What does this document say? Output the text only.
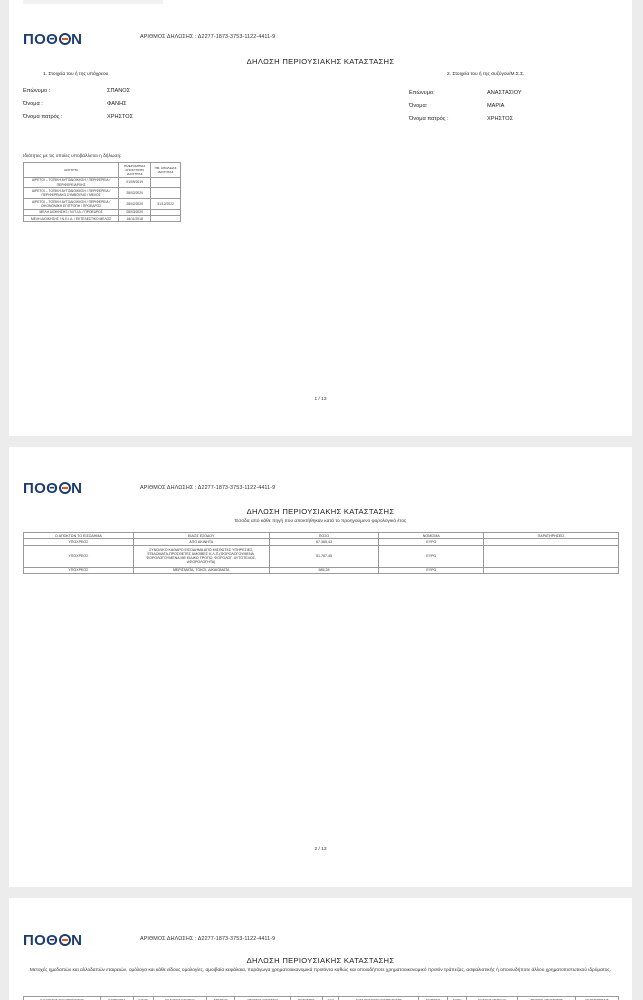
ΠΟΘ Ν	ΑΡΙΘΜΟΣ ΔΗΛΩΣΗΣ : Δ2277-1873-3753-1122-4411-9
ΔΗΛΩΣΗ ΠΕΡΙΟΥΣΙΑΚΗΣ ΚΑΤΑΣΤΑΣΗΣ
1. Στοιχεία του ή της υπόχρεου	2. Στοιχεία του ή της συζύγου/Μ.Σ.Σ.
Επώνυμο :	ΣΠΑΝΟΣ
Όνομα :	ΦΑΝΗΣ
Όνομα πατρός :	ΧΡΗΣΤΟΣ
Επώνυμο:	ΑΝΑΣΤΑΣΙΟΥ
Όνομα:	ΜΑΡΙΑ
Όνομα πατρός :	ΧΡΗΣΤΟΣ
Ιδιότητες με τις οποίες υποβάλλεται η δήλωση:
ΙΔΙΟΤΗΤΑ	ΗΜΕΡΟΜΗΝΙΑ ΑΠΟΚΤΗΣΗΣ ΙΔΙΟΤΗΤΑΣ	ΗΜ. ΑΠΩΛΕΙΑΣ ΙΔΙΟΤΗΤΑΣ
ΑΙΡΕΤΟΙ – ΤΟΠΙΚΗ ΑΥΤΟΔΙΟΙΚΗΣΗ / ΠΕΡΙΦΕΡΕΙΑ / ΠΕΡΙΦΕΡΕΙΑΡΧΗΣ	01/09/2019	
ΑΙΡΕΤΟΙ – ΤΟΠΙΚΗ ΑΥΤΟΔΙΟΙΚΗΣΗ / ΠΕΡΙΦΕΡΕΙΑ / ΠΕΡΙΦΕΡΕΙΑΚΟ ΣΥΜΒΟΥΛΙΟ / ΜΕΛΟΣ	28/02/2020	
ΑΙΡΕΤΟΙ – ΤΟΠΙΚΗ ΑΥΤΟΔΙΟΙΚΗΣΗ / ΠΕΡΙΦΕΡΕΙΑ / ΟΙΚΟΝΟΜΙΚΗ ΕΠΙΤΡΟΠΗ / ΠΡΟΕΔΡΟΣ	28/02/2020	31/12/2022
ΜΕΛΗ ΔΙΟΙΚΗΣΗΣ / Ν.Π.Ι.Δ. / ΠΡΟΕΔΡΟΣ	08/03/2020	
ΜΕΛΗ ΔΙΟΙΚΗΣΗΣ / Ν.Π.Ι.Δ. / ΕΚΤΕΛΕΣΤΙΚΟ ΜΕΛΟΣ	16/11/2018	
1 / 13
ΠΟΘ Ν	ΑΡΙΘΜΟΣ ΔΗΛΩΣΗΣ : Δ2277-1873-3753-1122-4411-9
ΔΗΛΩΣΗ ΠΕΡΙΟΥΣΙΑΚΗΣ ΚΑΤΑΣΤΑΣΗΣ
Έσοδα από κάθε πηγή που αποκτήθηκαν κατά το προηγούμενο φορολογικό έτος
Ο ΑΠΟΚΤΩΝ ΤΟ ΕΙΣΟΔΗΜΑ	ΕΙΔΟΣ ΕΣΟΔΟΥ	ΠΟΣΟ	ΝΟΜΙΣΜΑ	ΠΑΡΑΤΗΡΗΣΕΙΣ
ΥΠΟΧΡΕΟΣ	ΑΠΟ ΑΚΙΝΗΤΑ	67.365,43	ΕΥΡΩ	
ΥΠΟΧΡΕΟΣ	ΣΥΝΟΛΙΚΟ ΚΑΘΑΡΟ ΕΙΣΟΔΗΜΑ ΑΠΟ ΜΙΣΘΩΤΕΣ ΥΠΗΡΕΣΙΕΣ, ΕΠΙΔΟΜΑΤΑ,ΠΡΟΣΘΕΤΕΣ ΑΜΟΙΒΕΣ Κ.Λ.Π.(ΦΟΡΟΛΟΓΟΥΜΕΝΑ, ΦΟΡΟΛΟΓΟΥΜΕΝΑ ΜΕ ΕΙΔΙΚΟ ΤΡΟΠΟ, ΦΟΡΟΛΟΓ. ΑΥΤΟΤΕΛΩΣ, ΑΦΟΡΟΛΟΓΗΤΑ)	51.787,45	ΕΥΡΩ	
ΥΠΟΧΡΕΟΣ	ΜΕΡΙΣΜΑΤΑ, ΤΟΚΟΙ, ΔΙΚΑΙΩΜΑΤΑ	585,28	ΕΥΡΩ	
2 / 13
ΠΟΘ Ν	ΑΡΙΘΜΟΣ ΔΗΛΩΣΗΣ : Δ2277-1873-3753-1122-4411-9
ΔΗΛΩΣΗ ΠΕΡΙΟΥΣΙΑΚΗΣ ΚΑΤΑΣΤΑΣΗΣ
Μετοχές ημεδαπών και αλλοδαπών εταιρειών, ομόλογα και κάθε είδους ομολογίες, αμοιβαία κεφάλαια, παράγωγα χρηματοοικονομικά προϊόντα καθώς και οποιοδήποτε χρηματοοικονομικό προϊόν τράπεζας, ασφαλιστικής ή οποιουδήποτε άλλου χρηματοπιστωτικού ιδρύματος.
Ο ΚΑΤΟΧΟΣ ΤΟΥ ΠΡΟΪΟΝΤΟΣ	ΚΑΤΗΓΟΡΙΑ	ΕΙΔΟΣ	ΕΚΔΟΤΡΙΑ ΕΤΑΙΡΕΙΑ	ΤΡΑΠΕΖΑ	ΑΡΙΘΜΟΣ ΛΟΓ/ΣΜΟΥ	ΠΟΣΟΤΗΤΑ	ΑΞΙΑ	ΚΑΤΑ ΠΟΣΟΣΤΟ ΣΥΜΜΕΤΟΧΗΣ	ΝΟΜΙΣΜΑ	ΕΥΡΩ	ΚΩΔΙΚΟΣ ΜΕΡΙΔΑΣ	ΤΡΟΠΟΣ ΑΠΟΚΤΗΣΗΣ	ΠΑΡΑΤΗΡΗΣΕΙΣ
